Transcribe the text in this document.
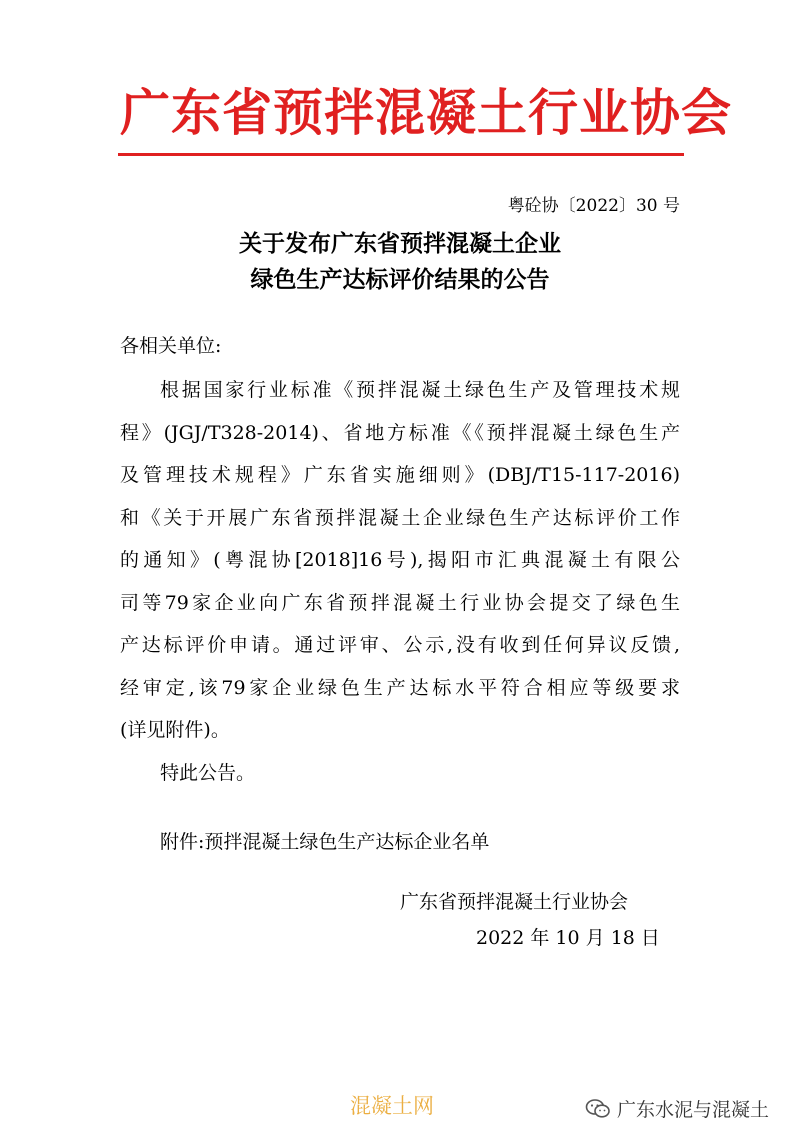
广东省预拌混凝土行业协会
粤砼协〔2022〕30 号
关于发布广东省预拌混凝土企业
绿色生产达标评价结果的公告
各相关单位:
根据国家行业标准《预拌混凝土绿色生产及管理技术规
程》(JGJ/T328-2014)、省地方标准《《预拌混凝土绿色生产
及管理技术规程》广东省实施细则》(DBJ/T15-117-2016)
和《关于开展广东省预拌混凝土企业绿色生产达标评价工作
的通知》(粤混协[2018]16号),揭阳市汇典混凝土有限公
司等79家企业向广东省预拌混凝土行业协会提交了绿色生
产达标评价申请。通过评审、公示,没有收到任何异议反馈,
经审定,该79家企业绿色生产达标水平符合相应等级要求
(详见附件)。
特此公告。
附件:预拌混凝土绿色生产达标企业名单
广东省预拌混凝土行业协会
2022 年 10 月 18 日
混凝土网	广东水泥与混凝土
